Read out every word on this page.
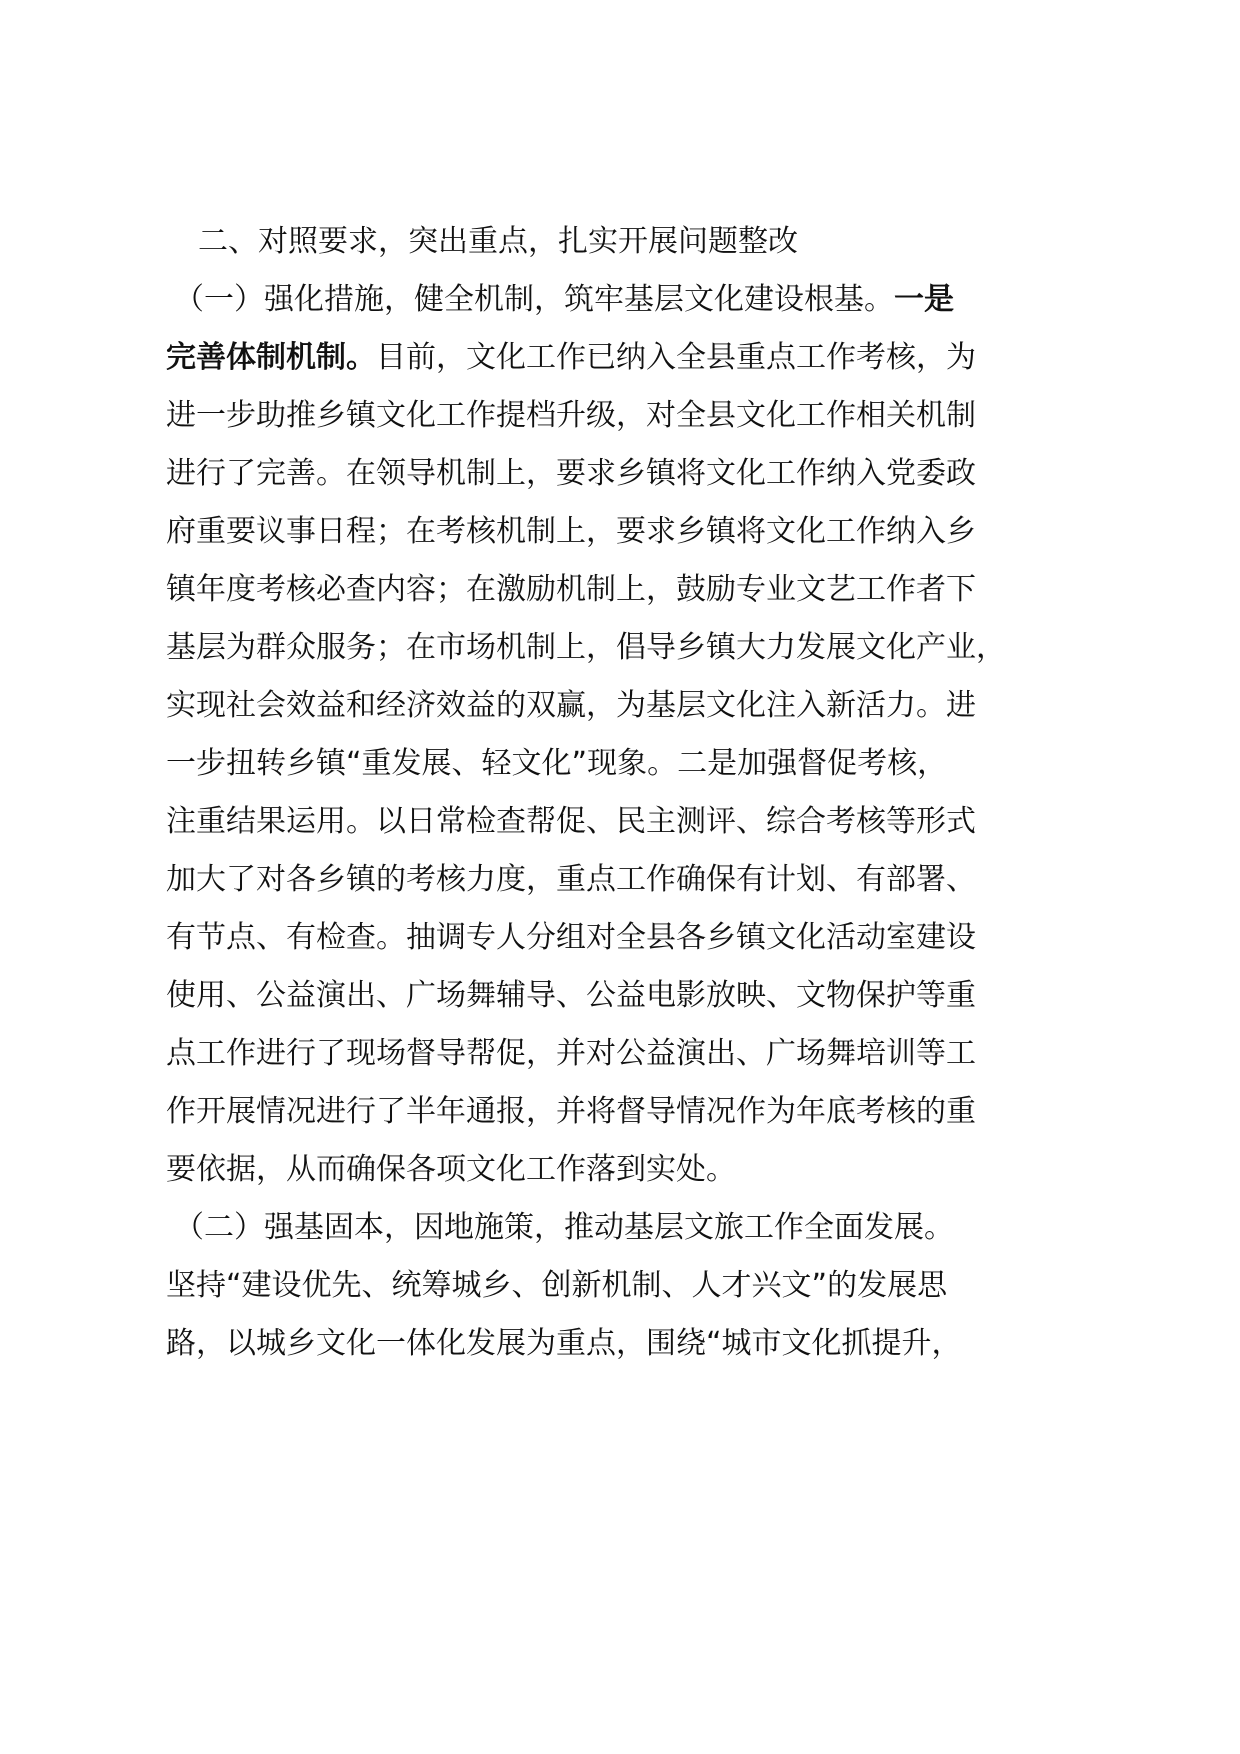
二、对照要求，突出重点，扎实开展问题整改
（一）强化措施，健全机制，筑牢基层文化建设根基。一是
完善体制机制。目前，文化工作已纳入全县重点工作考核，为
进一步助推乡镇文化工作提档升级，对全县文化工作相关机制
进行了完善。在领导机制上，要求乡镇将文化工作纳入党委政
府重要议事日程；在考核机制上，要求乡镇将文化工作纳入乡
镇年度考核必查内容；在激励机制上，鼓励专业文艺工作者下
基层为群众服务；在市场机制上，倡导乡镇大力发展文化产业，
实现社会效益和经济效益的双赢，为基层文化注入新活力。进
一步扭转乡镇“重发展、轻文化”现象。二是加强督促考核，
注重结果运用。以日常检查帮促、民主测评、综合考核等形式
加大了对各乡镇的考核力度，重点工作确保有计划、有部署、
有节点、有检查。抽调专人分组对全县各乡镇文化活动室建设
使用、公益演出、广场舞辅导、公益电影放映、文物保护等重
点工作进行了现场督导帮促，并对公益演出、广场舞培训等工
作开展情况进行了半年通报，并将督导情况作为年底考核的重
要依据，从而确保各项文化工作落到实处。
（二）强基固本，因地施策，推动基层文旅工作全面发展。
坚持“建设优先、统筹城乡、创新机制、人才兴文”的发展思
路，以城乡文化一体化发展为重点，围绕“城市文化抓提升，
